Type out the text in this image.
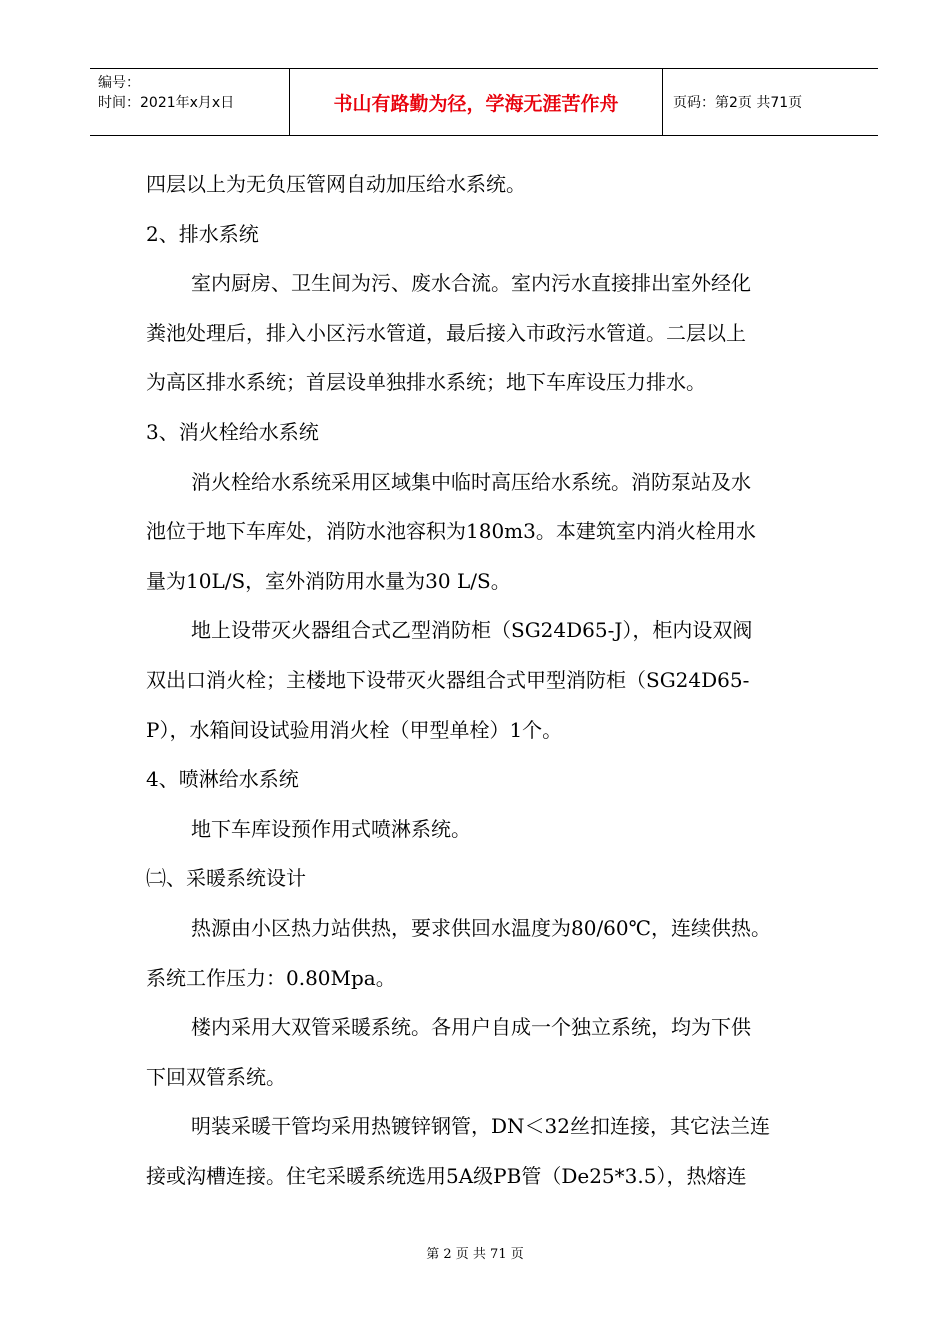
编号：
时间：2021年x月x日	书山有路勤为径，学海无涯苦作舟	页码：第2页 共71页
四层以上为无负压管网自动加压给水系统。
2、排水系统
室内厨房、卫生间为污、废水合流。室内污水直接排出室外经化
粪池处理后，排入小区污水管道，最后接入市政污水管道。二层以上
为高区排水系统；首层设单独排水系统；地下车库设压力排水。
3、消火栓给水系统
消火栓给水系统采用区域集中临时高压给水系统。消防泵站及水
池位于地下车库处，消防水池容积为180m3。本建筑室内消火栓用水
量为10L/S，室外消防用水量为30 L/S。
地上设带灭火器组合式乙型消防柜（SG24D65-J），柜内设双阀
双出口消火栓；主楼地下设带灭火器组合式甲型消防柜（SG24D65-
P），水箱间设试验用消火栓（甲型单栓）1个。
4、喷淋给水系统
地下车库设预作用式喷淋系统。
㈡、采暖系统设计
热源由小区热力站供热，要求供回水温度为80/60℃，连续供热。
系统工作压力：0.80Mpa。
楼内采用大双管采暖系统。各用户自成一个独立系统，均为下供
下回双管系统。
明装采暖干管均采用热镀锌钢管，DN＜32丝扣连接，其它法兰连
接或沟槽连接。住宅采暖系统选用5A级PB管（De25*3.5），热熔连
第 2 页 共 71 页
